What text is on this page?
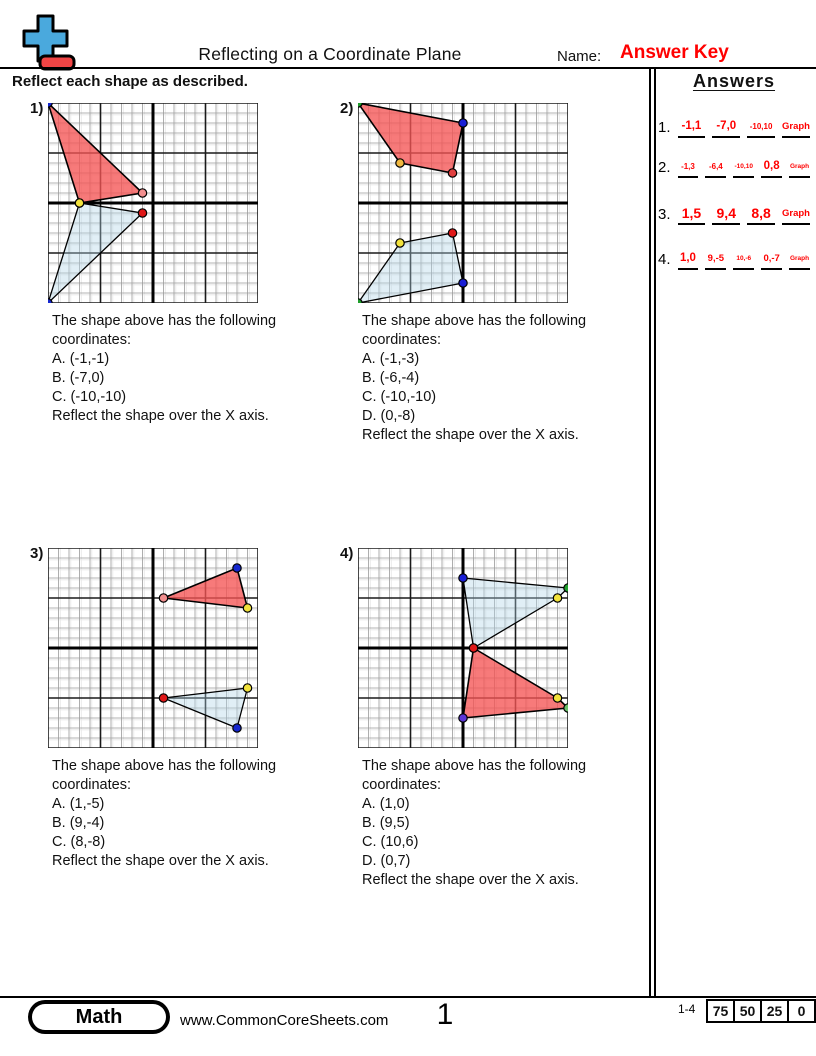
Reflecting on a Coordinate Plane	Name: Answer Key
Reflect each shape as described.	Answers
1. -1,1	-7,0	-10,10 Graph
2.	-1,3	-6,4	-10,10 0,8	Graph
3. 1,5 9,4 8,8	Graph
4. 1,0 9,-5	10,-6	0,-7	Graph
1)
The shape above has the following
coordinates:
A. (-1,-1)
B. (-7,0)
C. (-10,-10)
Reflect the shape over the X axis.
2)
The shape above has the following
coordinates:
A. (-1,-3)
B. (-6,-4)
C. (-10,-10)
D. (0,-8)
Reflect the shape over the X axis.
3)
The shape above has the following
coordinates:
A. (1,-5)
B. (9,-4)
C. (8,-8)
Reflect the shape over the X axis.
4)
The shape above has the following
coordinates:
A. (1,0)
B. (9,5)
C. (10,6)
D. (0,7)
Reflect the shape over the X axis.
Math	www.CommonCoreSheets.com	1	1-4	75 50 25	0
